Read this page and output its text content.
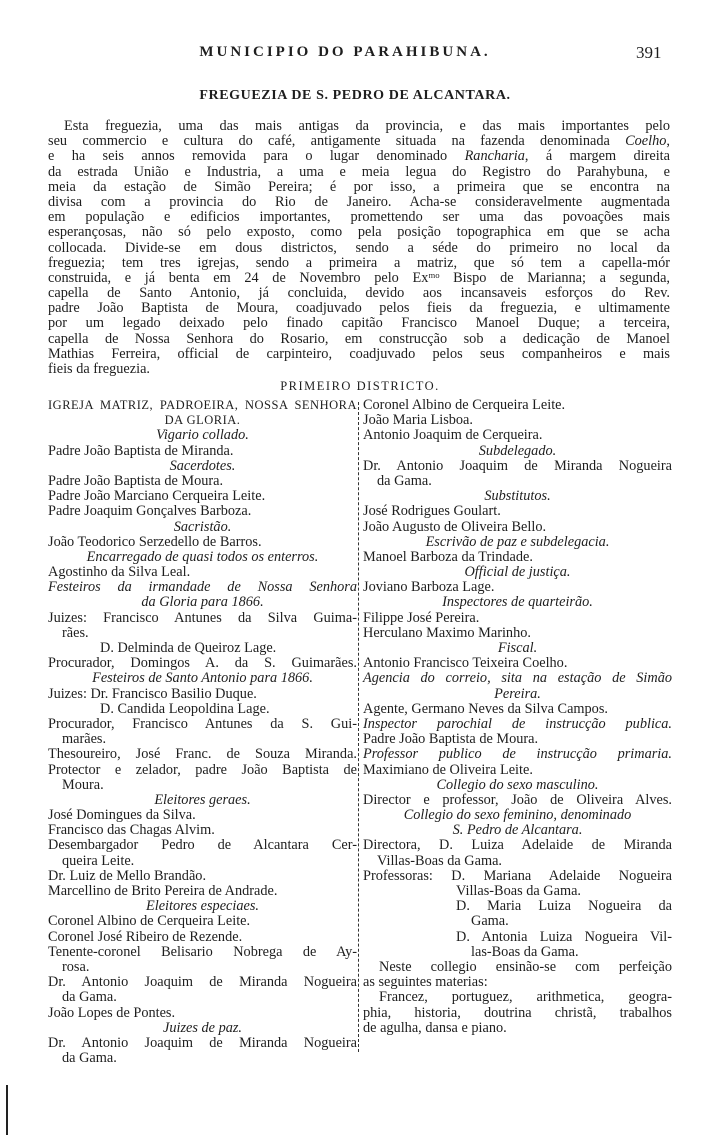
MUNICIPIO DO PARAHIBUNA.	391
FREGUEZIA DE S. PEDRO DE ALCANTARA.
Esta freguezia, uma das mais antigas da provincia, e das mais importantes pelo
seu commercio e cultura do café, antigamente situada na fazenda denominada Coelho,
e ha seis annos removida para o lugar denominado Rancharia, á margem direita
da estrada União e Industria, a uma e meia legua do Registro do Parahybuna, e
meia da estação de Simão Pereira; é por isso, a primeira que se encontra na
divisa com a provincia do Rio de Janeiro. Acha-se consideravelmente augmentada
em população e edificios importantes, promettendo ser uma das povoações mais
esperançosas, não só pelo exposto, como pela posição topographica em que se acha
collocada. Divide-se em dous districtos, sendo a séde do primeiro no local da
freguezia; tem tres igrejas, sendo a primeira a matriz, que só tem a capella-mór
construida, e já benta em 24 de Novembro pelo Exᵐᵒ Bispo de Marianna; a segunda,
capella de Santo Antonio, já concluida, devido aos incansaveis esforços do Rev.
padre João Baptista de Moura, coadjuvado pelos fieis da freguezia, e ultimamente
por um legado deixado pelo finado capitão Francisco Manoel Duque; a terceira,
capella de Nossa Senhora do Rosario, em construcção sob a dedicação de Manoel
Mathias Ferreira, official de carpinteiro, coadjuvado pelos seus companheiros e mais
fieis da freguezia.
PRIMEIRO DISTRICTO.
IGREJA MATRIZ, PADROEIRA, NOSSA SENHORA
DA GLORIA.
Vigario collado.
Padre João Baptista de Miranda.
Sacerdotes.
Padre João Baptista de Moura.
Padre João Marciano Cerqueira Leite.
Padre Joaquim Gonçalves Barboza.
Sacristão.
João Teodorico Serzedello de Barros.
Encarregado de quasi todos os enterros.
Agostinho da Silva Leal.
Festeiros da irmandade de Nossa Senhora
da Gloria para 1866.
Juizes: Francisco Antunes da Silva Guima-
rães.
D. Delminda de Queiroz Lage.
Procurador, Domingos A. da S. Guimarães.
Festeiros de Santo Antonio para 1866.
Juizes: Dr. Francisco Basilio Duque.
D. Candida Leopoldina Lage.
Procurador, Francisco Antunes da S. Gui-
marães.
Thesoureiro, José Franc. de Souza Miranda.
Protector e zelador, padre João Baptista de
Moura.
Eleitores geraes.
José Domingues da Silva.
Francisco das Chagas Alvim.
Desembargador Pedro de Alcantara Cer-
queira Leite.
Dr. Luiz de Mello Brandão.
Marcellino de Brito Pereira de Andrade.
Eleitores especiaes.
Coronel Albino de Cerqueira Leite.
Coronel José Ribeiro de Rezende.
Tenente-coronel Belisario Nobrega de Ay-
rosa.
Dr. Antonio Joaquim de Miranda Nogueira
da Gama.
João Lopes de Pontes.
Juizes de paz.
Dr. Antonio Joaquim de Miranda Nogueira
da Gama.
Coronel Albino de Cerqueira Leite.
João Maria Lisboa.
Antonio Joaquim de Cerqueira.
Subdelegado.
Dr. Antonio Joaquim de Miranda Nogueira
da Gama.
Substitutos.
José Rodrigues Goulart.
João Augusto de Oliveira Bello.
Escrivão de paz e subdelegacia.
Manoel Barboza da Trindade.
Official de justiça.
Joviano Barboza Lage.
Inspectores de quarteirão.
Filippe José Pereira.
Herculano Maximo Marinho.
Fiscal.
Antonio Francisco Teixeira Coelho.
Agencia do correio, sita na estação de Simão
Pereira.
Agente, Germano Neves da Silva Campos.
Inspector parochial de instrucção publica.
Padre João Baptista de Moura.
Professor publico de instrucção primaria.
Maximiano de Oliveira Leite.
Collegio do sexo masculino.
Director e professor, João de Oliveira Alves.
Collegio do sexo feminino, denominado
S. Pedro de Alcantara.
Directora, D. Luiza Adelaide de Miranda
Villas-Boas da Gama.
Professoras: D. Mariana Adelaide Nogueira
Villas-Boas da Gama.
D. Maria Luiza Nogueira da
Gama.
D. Antonia Luiza Nogueira Vil-
las-Boas da Gama.
Neste collegio ensinão-se com perfeição
as seguintes materias:
Francez, portuguez, arithmetica, geogra-
phia, historia, doutrina christã, trabalhos
de agulha, dansa e piano.
